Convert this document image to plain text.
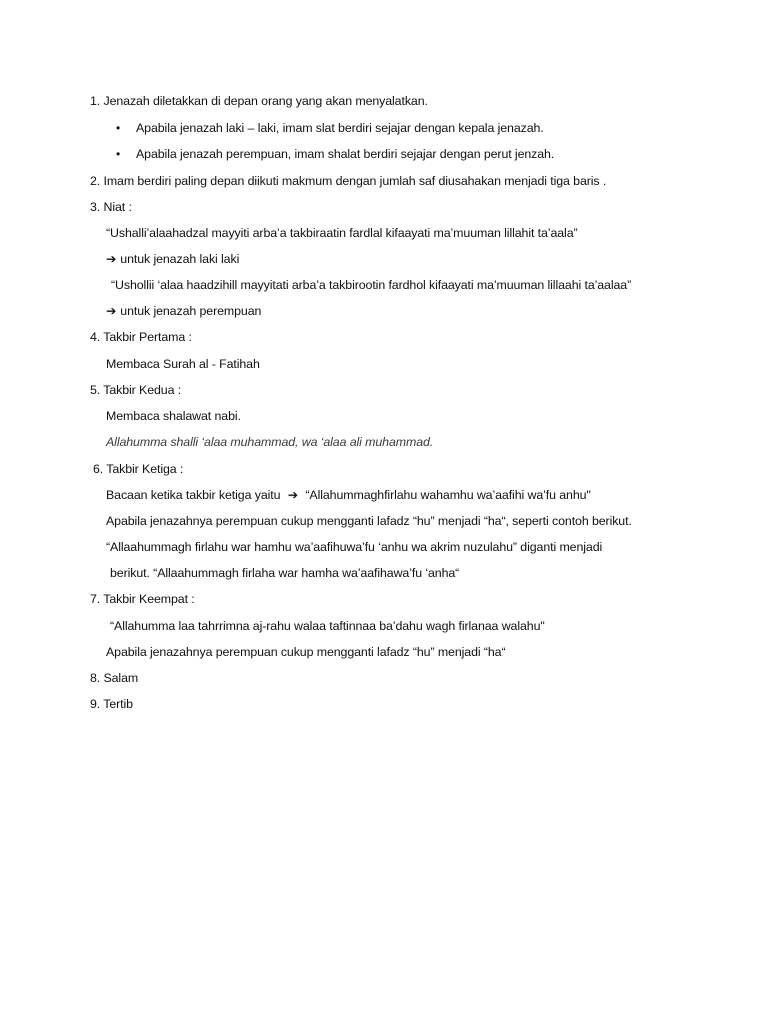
1. Jenazah diletakkan di depan orang yang akan menyalatkan.
• Apabila jenazah laki – laki, imam slat berdiri sejajar dengan kepala jenazah.
• Apabila jenazah perempuan, imam shalat berdiri sejajar dengan perut jenzah.
2. Imam berdiri paling depan diikuti makmum dengan jumlah saf diusahakan menjadi tiga baris .
3. Niat :
“Ushalli’alaahadzal mayyiti arba’a takbiraatin fardlal kifaayati ma’muuman lillahit ta’aala”
➔ untuk jenazah laki laki
“Ushollii ‘alaa haadzihill mayyitati arba’a takbirootin fardhol kifaayati ma’muuman lillaahi ta’aalaa”
➔ untuk jenazah perempuan
4. Takbir Pertama :
Membaca Surah al - Fatihah
5. Takbir Kedua :
Membaca shalawat nabi.
Allahumma shalli ‘alaa muhammad, wa ‘alaa ali muhammad.
6. Takbir Ketiga :
Bacaan ketika takbir ketiga yaitu ➔ “Allahummaghfirlahu wahamhu wa’aafihi wa’fu anhu"
Apabila jenazahnya perempuan cukup mengganti lafadz “hu” menjadi “ha“, seperti contoh berikut.
“Allaahummagh firlahu war hamhu wa’aafihuwa’fu ‘anhu wa akrim nuzulahu” diganti menjadi
berikut. “Allaahummagh firlaha war hamha wa’aafihawa’fu ‘anha“
7. Takbir Keempat :
“Allahumma laa tahrrimna aj-rahu walaa taftinnaa ba’dahu wagh firlanaa walahu"
Apabila jenazahnya perempuan cukup mengganti lafadz “hu” menjadi “ha“
8. Salam
9. Tertib
